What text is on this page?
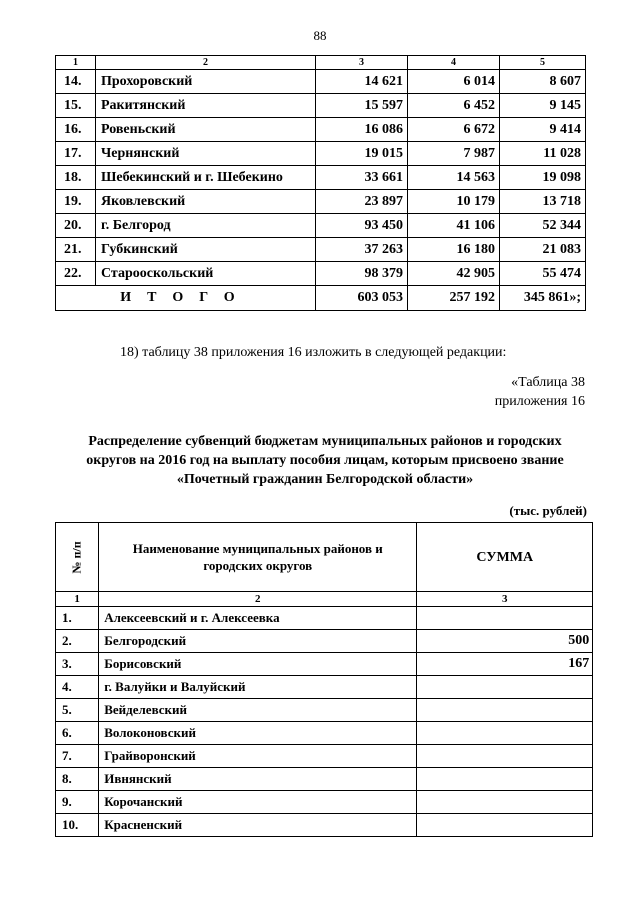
88
1	2	3	4	5
14.	Прохоровский	14 621	6 014	8 607
15.	Ракитянский	15 597	6 452	9 145
16.	Ровеньский	16 086	6 672	9 414
17.	Чернянский	19 015	7 987	11 028
18.	Шебекинский и г. Шебекино	33 661	14 563	19 098
19.	Яковлевский	23 897	10 179	13 718
20.	г. Белгород	93 450	41 106	52 344
21.	Губкинский	37 263	16 180	21 083
22.	Старооскольский	98 379	42 905	55 474
ИТОГО		603 053	257 192	345 861»;
18) таблицу 38 приложения 16 изложить в следующей редакции:
«Таблица 38
приложения 16
Распределение субвенций бюджетам муниципальных районов и городских
округов на 2016 год на выплату пособия лицам, которым присвоено звание
«Почетный гражданин Белгородской области»
(тыс. рублей)
№ п/п	Наименование муниципальных районов и городских округов	СУММА
1	2	3
1.	Алексеевский и г. Алексеевка	
2.	Белгородский	500
3.	Борисовский	167
4.	г. Валуйки и Валуйский	
5.	Вейделевский	
6.	Волоконовский	
7.	Грайворонский	
8.	Ивнянский	
9.	Корочанский	
10.	Красненский	
